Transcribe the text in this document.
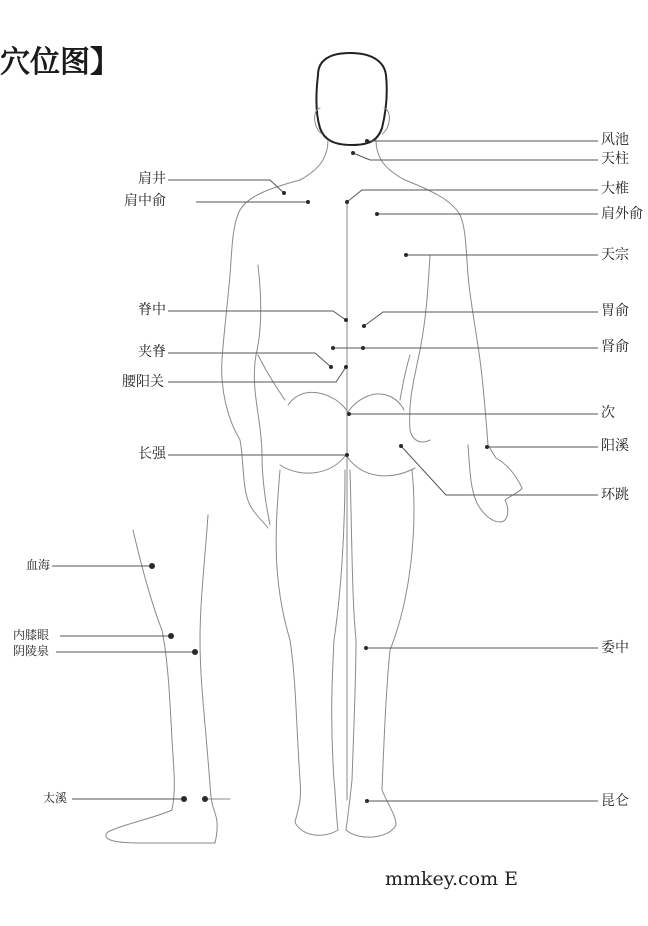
穴位图】
风池
天柱
大椎
肩外俞
天宗
胃俞
肾俞
次
阳溪
环跳
委中
昆仑
肩井
肩中俞
脊中
夹脊
腰阳关
长强
血海
内膝眼
阴陵泉
太溪
mmkey.com E
